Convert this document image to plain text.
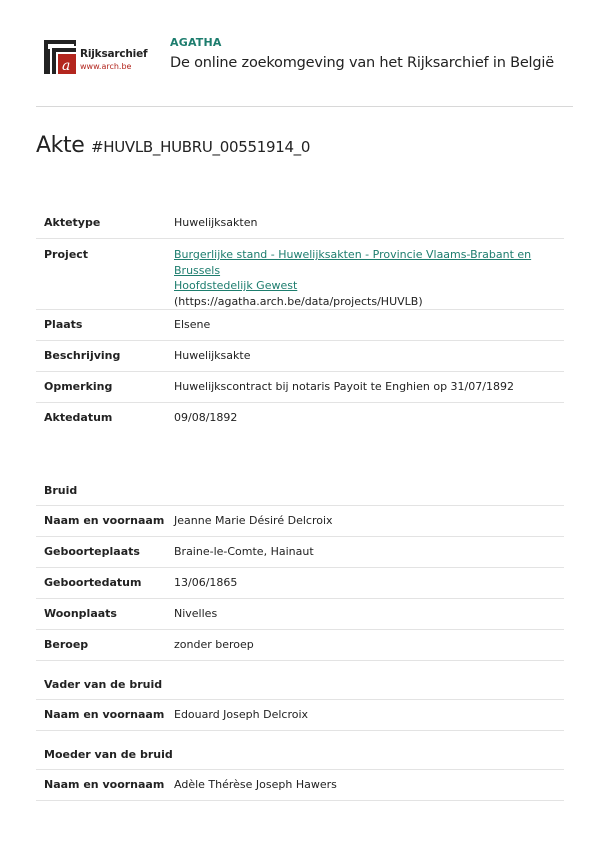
a
Rijksarchief
www.arch.be
AGATHA
De online zoekomgeving van het Rijksarchief in België
Akte #HUVLB_HUBRU_00551914_0
Aktetype	Huwelijksakten

Project	Burgerlijke stand - Huwelijksakten - Provincie Vlaams-Brabant en Brussels
Hoofdstedelijk Gewest
(https://agatha.arch.be/data/projects/HUVLB)

Plaats	Elsene

Beschrijving	Huwelijksakte

Opmerking	Huwelijkscontract bij notaris Payoit te Enghien op 31/07/1892

Aktedatum	09/08/1892
Bruid	

Naam en voornaam	Jeanne Marie Désiré Delcroix

Geboorteplaats	Braine-le-Comte, Hainaut

Geboortedatum	13/06/1865

Woonplaats	Nivelles

Beroep	zonder beroep

Vader van de bruid	

Naam en voornaam	Edouard Joseph Delcroix

Moeder van de bruid	

Naam en voornaam	Adèle Thérèse Joseph Hawers
